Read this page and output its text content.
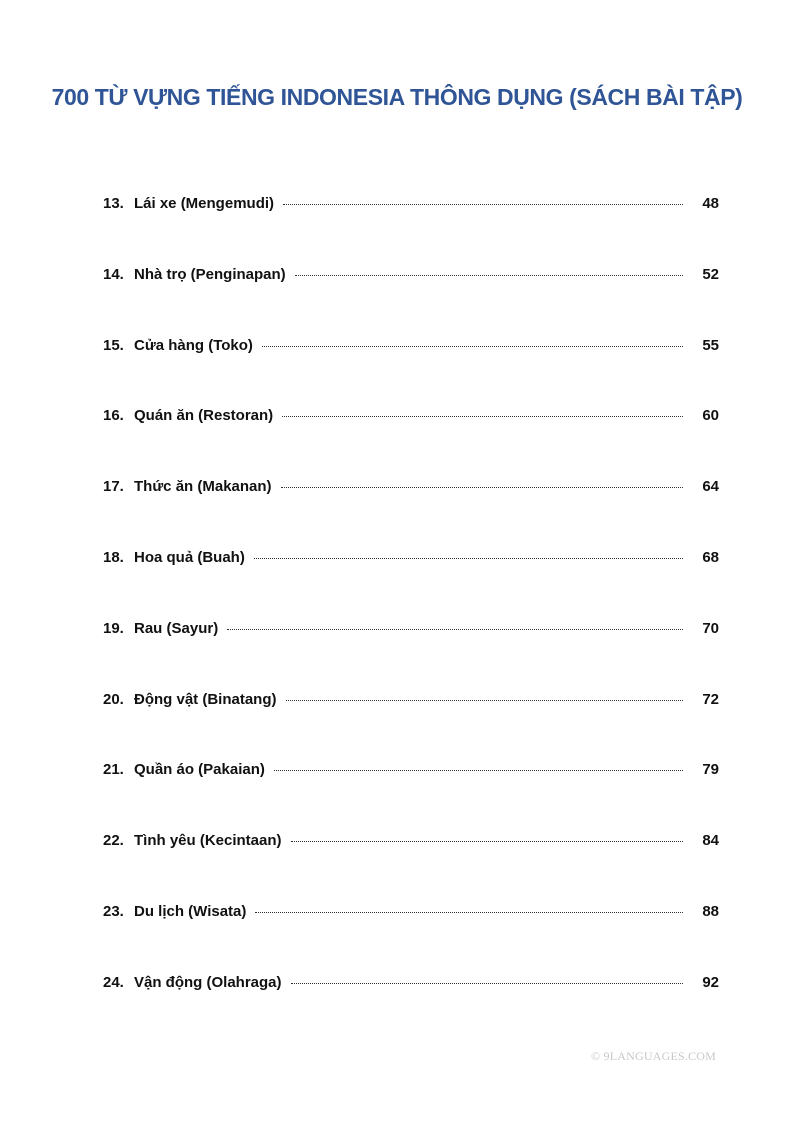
700 TỪ VỰNG TIẾNG INDONESIA THÔNG DỤNG (SÁCH BÀI TẬP)
13. Lái xe (Mengemudi)	48
14. Nhà trọ (Penginapan)	52
15. Cửa hàng (Toko)	55
16. Quán ăn (Restoran)	60
17. Thức ăn (Makanan)	64
18. Hoa quả (Buah)	68
19. Rau (Sayur)	70
20. Động vật (Binatang)	72
21. Quần áo (Pakaian)	79
22. Tình yêu (Kecintaan)	84
23. Du lịch (Wisata)	88
24. Vận động (Olahraga)	92
© 9LANGUAGES.COM
